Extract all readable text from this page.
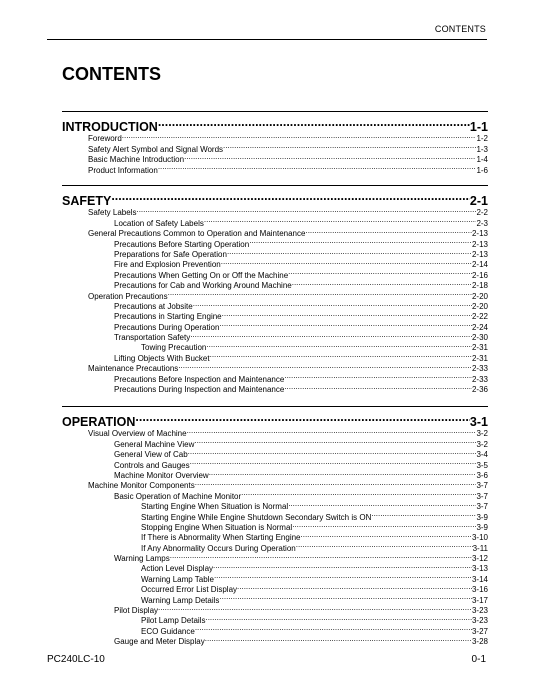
CONTENTS
CONTENTS
INTRODUCTION .....	1-1
Foreword .....	1-2
Safety Alert Symbol and Signal Words .....	1-3
Basic Machine Introduction .....	1-4
Product Information .....	1-6
SAFETY .....	2-1
Safety Labels .....	2-2
Location of Safety Labels .....	2-3
General Precautions Common to Operation and Maintenance .....	2-13
Precautions Before Starting Operation .....	2-13
Preparations for Safe Operation .....	2-13
Fire and Explosion Prevention .....	2-14
Precautions When Getting On or Off the Machine .....	2-16
Precautions for Cab and Working Around Machine .....	2-18
Operation Precautions .....	2-20
Precautions at Jobsite .....	2-20
Precautions in Starting Engine .....	2-22
Precautions During Operation .....	2-24
Transportation Safety .....	2-30
Towing Precaution .....	2-31
Lifting Objects With Bucket .....	2-31
Maintenance Precautions .....	2-33
Precautions Before Inspection and Maintenance .....	2-33
Precautions During Inspection and Maintenance .....	2-36
OPERATION .....	3-1
Visual Overview of Machine .....	3-2
General Machine View .....	3-2
General View of Cab .....	3-4
Controls and Gauges .....	3-5
Machine Monitor Overview .....	3-6
Machine Monitor Components .....	3-7
Basic Operation of Machine Monitor .....	3-7
Starting Engine When Situation is Normal .....	3-7
Starting Engine While Engine Shutdown Secondary Switch is ON .....	3-9
Stopping Engine When Situation is Normal .....	3-9
If There is Abnormality When Starting Engine .....	3-10
If Any Abnormality Occurs During Operation .....	3-11
Warning Lamps .....	3-12
Action Level Display .....	3-13
Warning Lamp Table .....	3-14
Occurred Error List Display .....	3-16
Warning Lamp Details .....	3-17
Pilot Display .....	3-23
Pilot Lamp Details .....	3-23
ECO Guidance .....	3-27
Gauge and Meter Display .....	3-28
PC240LC-10	0-1
